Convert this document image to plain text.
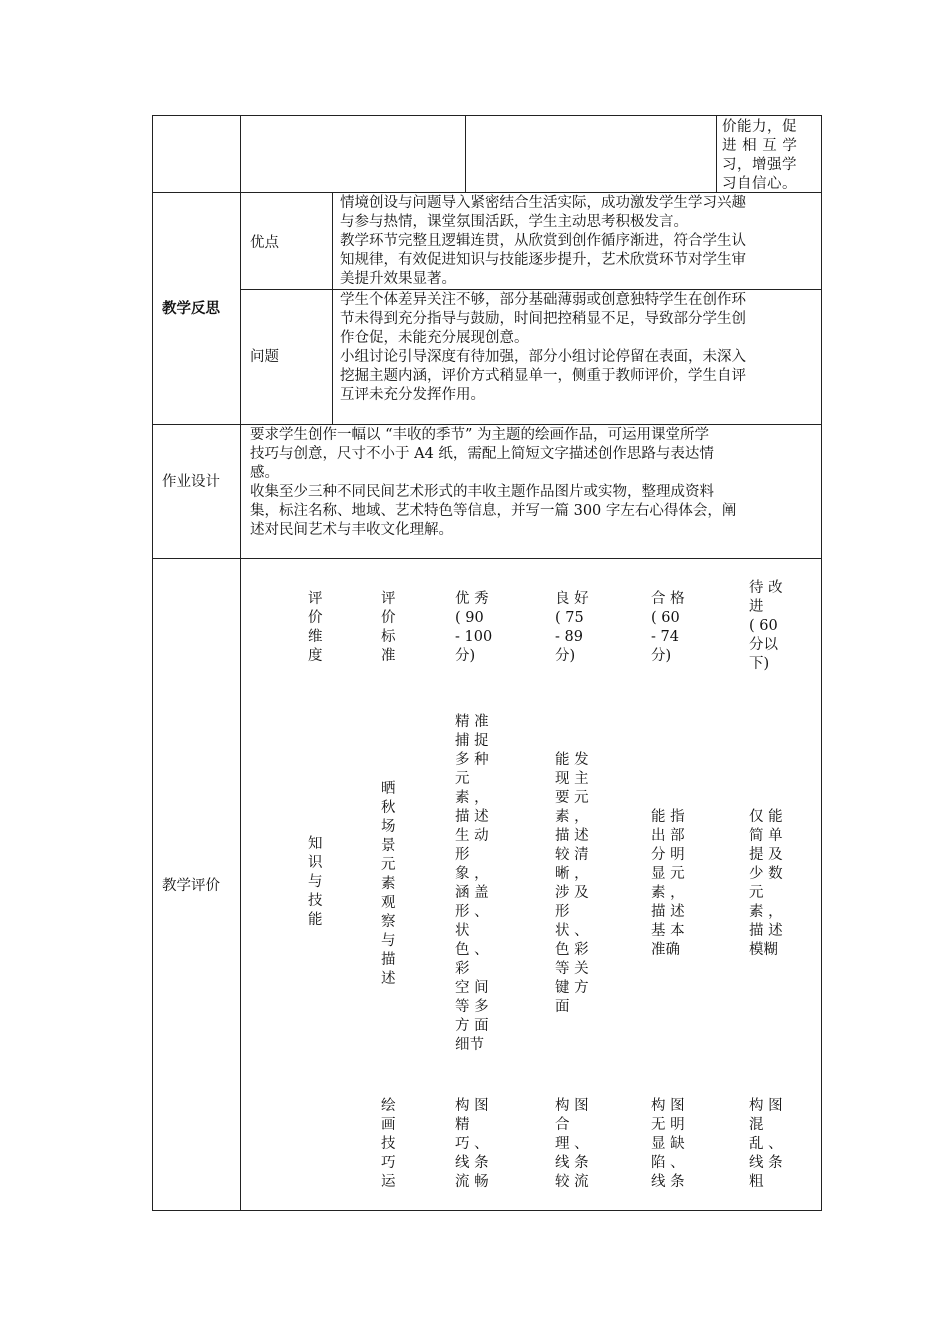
价能力，促
进 相 互 学
习，增强学
习自信心。
教学反思
优点
情境创设与问题导入紧密结合生活实际，成功激发学生学习兴趣
与参与热情，课堂氛围活跃，学生主动思考积极发言。
教学环节完整且逻辑连贯，从欣赏到创作循序渐进，符合学生认
知规律，有效促进知识与技能逐步提升，艺术欣赏环节对学生审
美提升效果显著。
问题
学生个体差异关注不够，部分基础薄弱或创意独特学生在创作环
节未得到充分指导与鼓励，时间把控稍显不足，导致部分学生创
作仓促，未能充分展现创意。
小组讨论引导深度有待加强，部分小组讨论停留在表面，未深入
挖掘主题内涵，评价方式稍显单一，侧重于教师评价，学生自评
互评未充分发挥作用。
作业设计
要求学生创作一幅以 “丰收的季节” 为主题的绘画作品，可运用课堂所学
技巧与创意，尺寸不小于 A4 纸，需配上简短文字描述创作思路与表达情
感。
收集至少三种不同民间艺术形式的丰收主题作品图片或实物，整理成资料
集，标注名称、地域、艺术特色等信息，并写一篇 300 字左右心得体会，阐
述对民间艺术与丰收文化理解。
教学评价
评
价
维
度
评
价
标
准
优 秀
( 90
- 100
分)
良 好
( 75
- 89
分)
合 格
( 60
- 74
分)
待 改
进
( 60
分以
下)
知
识
与
技
能
晒
秋
场
景
元
素
观
察
与
描
述
精 准
捕 捉
多 种
元
素 ，
描 述
生 动
形
象 ，
涵 盖
形 、
状
色 、
彩
空 间
等 多
方 面
细节
能 发
现 主
要 元
素 ，
描 述
较 清
晰 ，
涉 及
形
状 、
色 彩
等 关
键 方
面
能 指
出 部
分 明
显 元
素 ，
描 述
基 本
准确
仅 能
简 单
提 及
少 数
元
素 ，
描 述
模糊
绘
画
技
巧
运
构 图
精
巧 、
线 条
流 畅
构 图
合
理 、
线 条
较 流
构 图
无 明
显 缺
陷 、
线 条
构 图
混
乱 、
线 条
粗
